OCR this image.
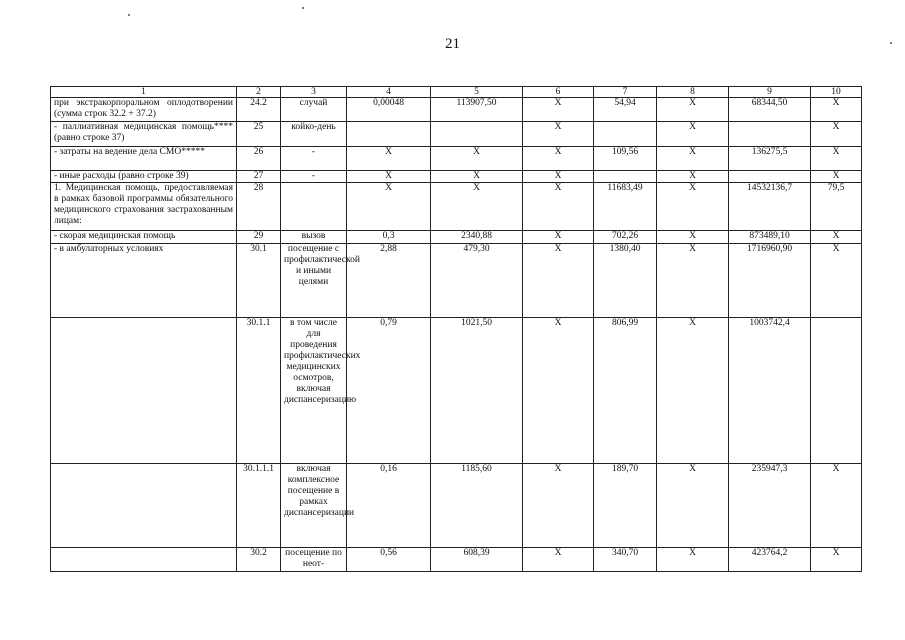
21
1	2	3	4	5	6	7	8	9	10
при экстракорпоральном оплодотворении (сумма строк 32.2 + 37.2)	24.2	случай	0,00048	113907,50	X	54,94	X	68344,50	X
- паллиативная медицинская помощь**** (равно строке 37)	25	койко-день			X		X		X
- затраты на ведение дела СМО*****	26	-	X	X	X	109,56	X	136275,5	X
- иные расходы (равно строке 39)	27	-	X	X	X		X		X
1. Медицинская помощь, предоставляемая в рамках базовой программы обязательного медицинского страхования застрахованным лицам:	28		X	X	X	11683,49	X	14532136,7	79,5
- скорая медицинская помощь	29	вызов	0,3	2340,88	X	702,26	X	873489,10	X
- в амбулаторных условиях	30.1	посещение с профилактической и иными целями	2,88	479,30	X	1380,40	X	1716960,90	X
	30.1.1	в том числе для проведения профилактических медицинских осмотров, включая диспансеризацию	0,79	1021,50	X	806,99	X	1003742,4	
	30.1.1.1	включая комплексное посещение в рамках диспансеризации	0,16	1185,60	X	189,70	X	235947,3	X
	30.2	посещение по неот-	0,56	608,39	X	340,70	X	423764,2	X
